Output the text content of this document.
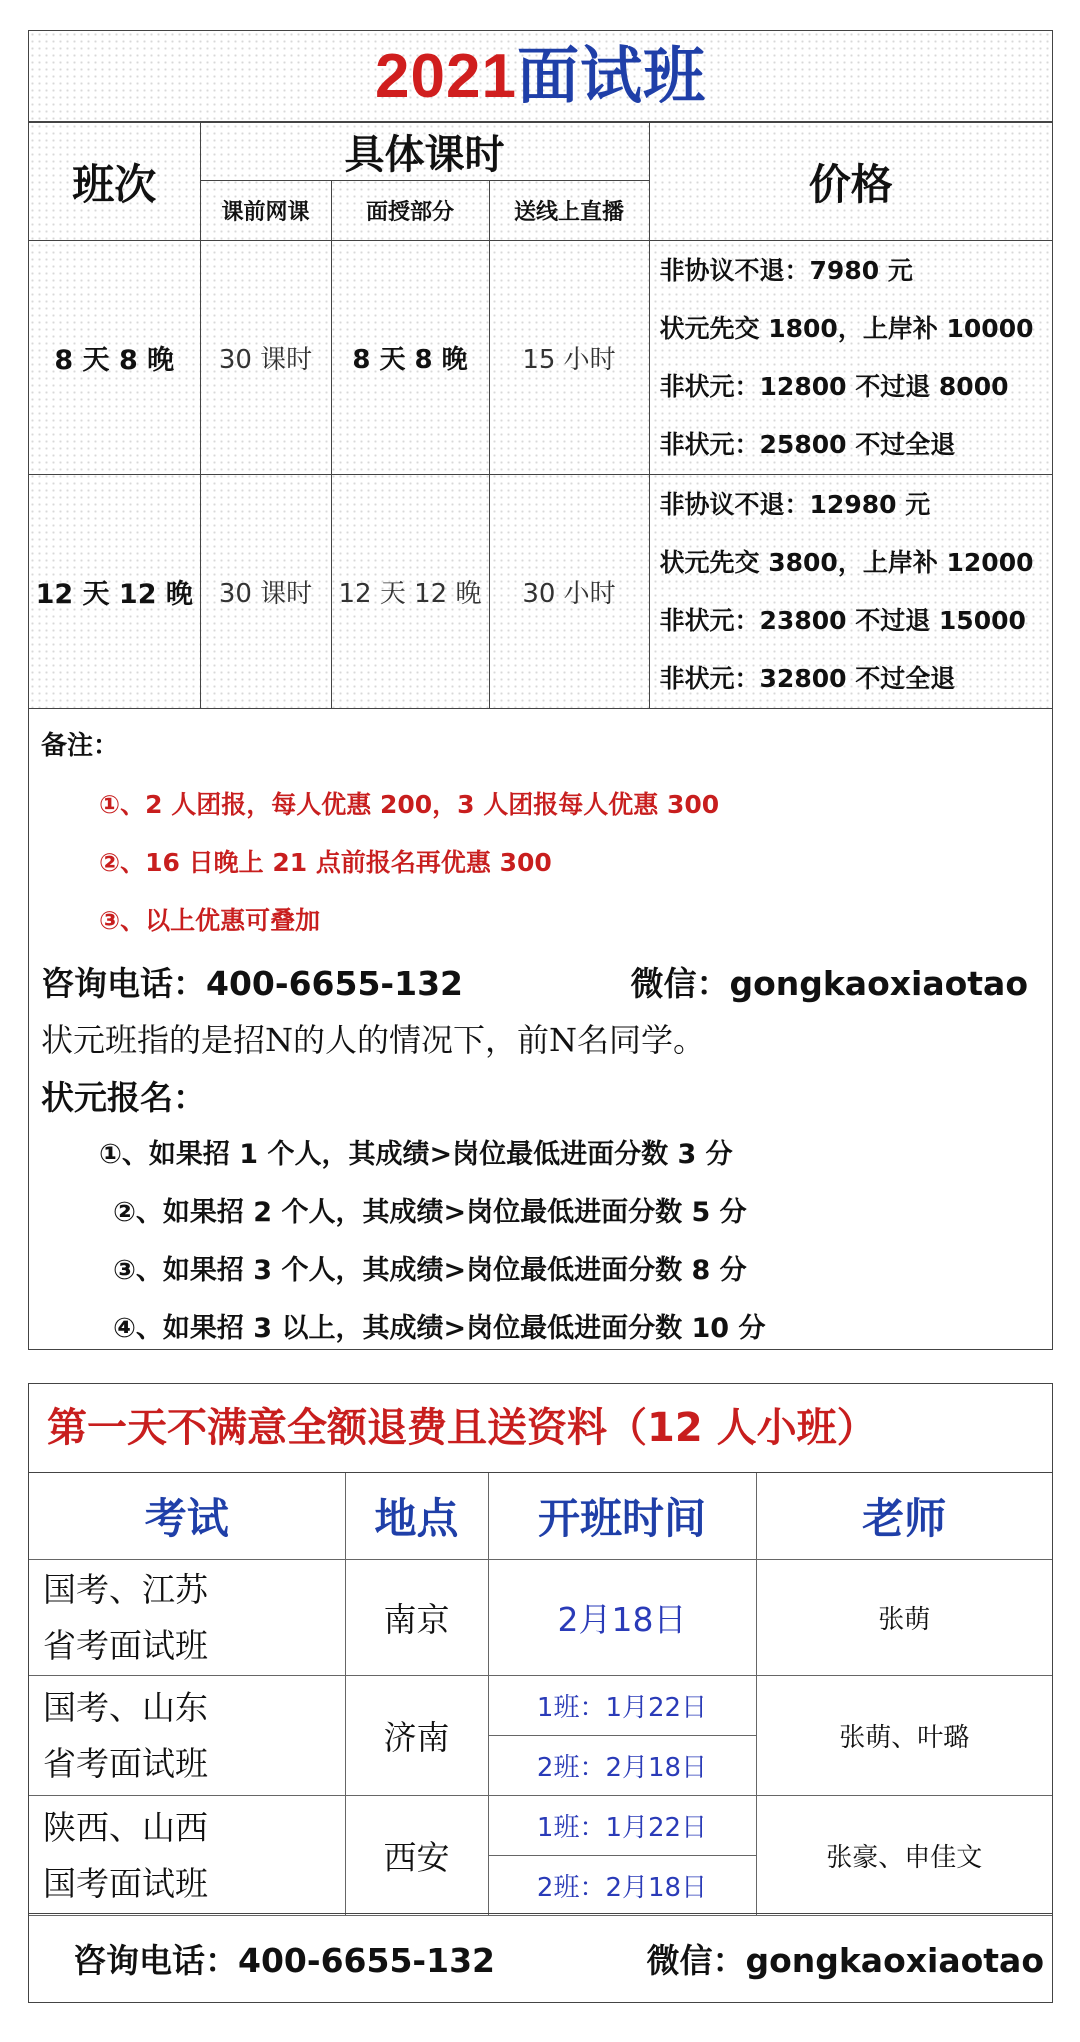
2021面试班
班次	具体课时			价格
	课前网课	面授部分	送线上直播	
8 天 8 晚	30 课时	8 天 8 晚	15 小时	非协议不退：7980 元
状元先交 1800，上岸补 10000
非状元：12800 不过退 8000
非状元：25800 不过全退

12 天 12 晚	30 课时	12 天 12 晚	30 小时	非协议不退：12980 元
状元先交 3800，上岸补 12000
非状元：23800 不过退 15000
非状元：32800 不过全退
备注：
①、2 人团报，每人优惠 200，3 人团报每人优惠 300
②、16 日晚上 21 点前报名再优惠 300
③、以上优惠可叠加
咨询电话：400-6655-132	微信：gongkaoxiaotao
状元班指的是招N的人的情况下，前N名同学。
状元报名：
①、如果招 1 个人，其成绩>岗位最低进面分数 3 分
②、如果招 2 个人，其成绩>岗位最低进面分数 5 分
③、如果招 3 个人，其成绩>岗位最低进面分数 8 分
④、如果招 3 以上，其成绩>岗位最低进面分数 10 分
第一天不满意全额退费且送资料（12 人小班）
考试	地点	开班时间	老师

国考、江苏
省考面试班	南京	2月18日	张萌

国考、山东
省考面试班	济南	1班：1月22日	张萌、叶璐
		2班：2月18日	

陕西、山西
国考面试班	西安	1班：1月22日	张豪、申佳文
		2班：2月18日	
咨询电话：400-6655-132	微信：gongkaoxiaotao
